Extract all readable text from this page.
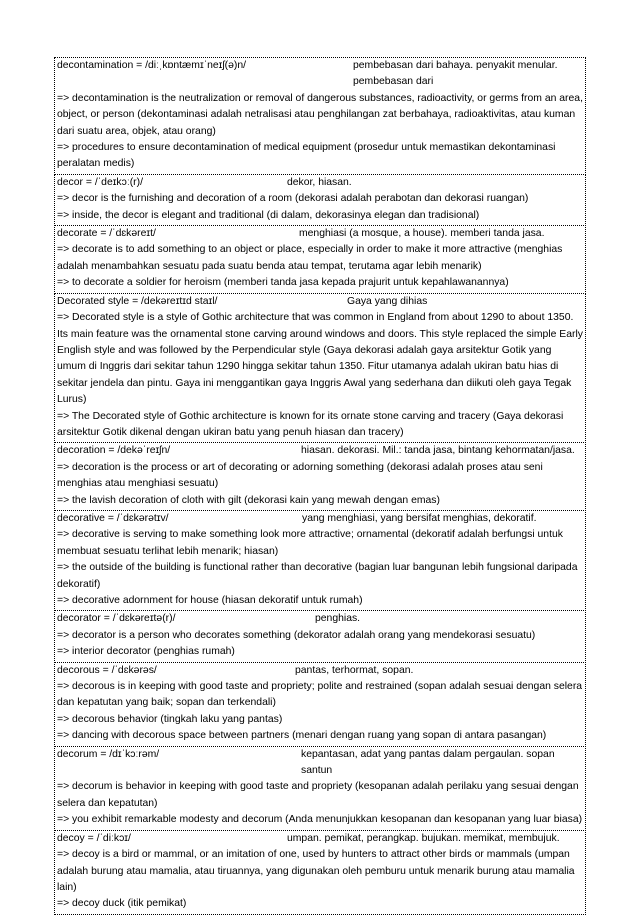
decontamination = /diːˌkɒntæmɪˈneɪʃ(ə)n/	pembebasan dari bahaya. penyakit menular. pembebasan dari
=> decontamination is the neutralization or removal of dangerous substances, radioactivity, or germs from an area, object, or person (dekontaminasi adalah netralisasi atau penghilangan zat berbahaya, radioaktivitas, atau kuman dari suatu area, objek, atau orang)
=> procedures to ensure decontamination of medical equipment (prosedur untuk memastikan dekontaminasi peralatan medis)
decor = /ˈdeɪkɔː(r)/	dekor, hiasan.
=> decor is the furnishing and decoration of a room (dekorasi adalah perabotan dan dekorasi ruangan)
=> inside, the decor is elegant and traditional (di dalam, dekorasinya elegan dan tradisional)
decorate = /ˈdɛkəreɪt/	menghiasi (a mosque, a house). memberi tanda jasa.
=> decorate is to add something to an object or place, especially in order to make it more attractive (menghias adalah menambahkan sesuatu pada suatu benda atau tempat, terutama agar lebih menarik)
=> to decorate a soldier for heroism (memberi tanda jasa kepada prajurit untuk kepahlawanannya)
Decorated style = /dekəreɪtɪd staɪl/	Gaya yang dihias
=> Decorated style is a style of Gothic architecture that was common in England from about 1290 to about 1350. Its main feature was the ornamental stone carving around windows and doors. This style replaced the simple Early English style and was followed by the Perpendicular style (Gaya dekorasi adalah gaya arsitektur Gotik yang umum di Inggris dari sekitar tahun 1290 hingga sekitar tahun 1350. Fitur utamanya adalah ukiran batu hias di sekitar jendela dan pintu. Gaya ini menggantikan gaya Inggris Awal yang sederhana dan diikuti oleh gaya Tegak Lurus)
=> The Decorated style of Gothic architecture is known for its ornate stone carving and tracery (Gaya dekorasi arsitektur Gotik dikenal dengan ukiran batu yang penuh hiasan dan tracery)
decoration = /dekəˈreɪʃn/	hiasan. dekorasi. Mil.: tanda jasa, bintang kehormatan/jasa.
=> decoration is the process or art of decorating or adorning something (dekorasi adalah proses atau seni menghias atau menghiasi sesuatu)
=> the lavish decoration of cloth with gilt (dekorasi kain yang mewah dengan emas)
decorative = /ˈdɛkərətɪv/	yang menghiasi, yang bersifat menghias, dekoratif.
=> decorative is serving to make something look more attractive; ornamental (dekoratif adalah berfungsi untuk membuat sesuatu terlihat lebih menarik; hiasan)
=> the outside of the building is functional rather than decorative (bagian luar bangunan lebih fungsional daripada dekoratif)
=> decorative adornment for house (hiasan dekoratif untuk rumah)
decorator = /ˈdɛkəreɪtə(r)/	penghias.
=> decorator is a person who decorates something (dekorator adalah orang yang mendekorasi sesuatu)
=> interior decorator (penghias rumah)
decorous = /ˈdɛkərəs/	pantas, terhormat, sopan.
=> decorous is in keeping with good taste and propriety; polite and restrained (sopan adalah sesuai dengan selera dan kepatutan yang baik; sopan dan terkendali)
=> decorous behavior (tingkah laku yang pantas)
=> dancing with decorous space between partners (menari dengan ruang yang sopan di antara pasangan)
decorum = /dɪˈkɔːrəm/	kepantasan, adat yang pantas dalam pergaulan. sopan santun
=> decorum is behavior in keeping with good taste and propriety (kesopanan adalah perilaku yang sesuai dengan selera dan kepatutan)
=> you exhibit remarkable modesty and decorum (Anda menunjukkan kesopanan dan kesopanan yang luar biasa)
decoy = /ˈdiːkɔɪ/	umpan. pemikat, perangkap. bujukan. memikat, membujuk.
=> decoy is a bird or mammal, or an imitation of one, used by hunters to attract other birds or mammals (umpan adalah burung atau mamalia, atau tiruannya, yang digunakan oleh pemburu untuk menarik burung atau mamalia lain)
=> decoy duck (itik pemikat)
